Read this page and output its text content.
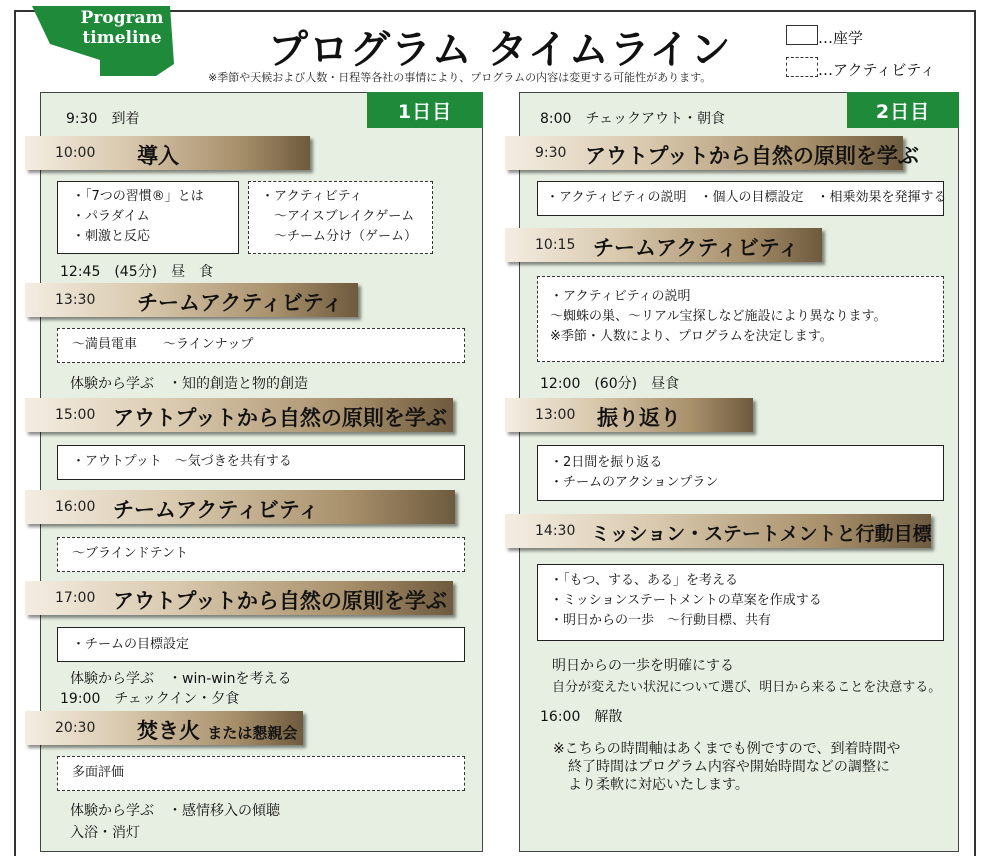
Program
timeline	プログラム タイムライン
※季節や天候および人数・日程等各社の事情により、プログラムの内容は変更する可能性があります。
…座学
…アクティビティ
1日目
9:30　到着
10:00 導入
・「7つの習慣®」とは
・パラダイム
・刺激と反応
・アクティビティ
　〜アイスブレイクゲーム
　〜チーム分け（ゲーム）
12:45　(45分)　昼　食
13:30 チームアクティビティ
〜満員電車　　〜ラインナップ
体験から学ぶ　・知的創造と物的創造
15:00 アウトプットから自然の原則を学ぶ
・アウトプット　〜気づきを共有する
16:00 チームアクティビティ
〜ブラインドテント
17:00 アウトプットから自然の原則を学ぶ
・チームの目標設定
体験から学ぶ　・win-winを考える
19:00　チェックイン・夕食
20:30 焚き火 または懇親会
多面評価
体験から学ぶ　・感情移入の傾聴
入浴・消灯
2日目
8:00　チェックアウト・朝食
9:30 アウトプットから自然の原則を学ぶ
・アクティビティの説明　・個人の目標設定　・相乗効果を発揮する
10:15 チームアクティビティ
・アクティビティの説明
〜蜘蛛の巣、〜リアル宝探しなど施設により異なります。
※季節・人数により、プログラムを決定します。
12:00　(60分)　昼食
13:00 振り返り
・2日間を振り返る
・チームのアクションプラン
14:30 ミッション・ステートメントと行動目標
・「もつ、する、ある」を考える
・ミッションステートメントの草案を作成する
・明日からの一歩　〜行動目標、共有
明日からの一歩を明確にする
自分が変えたい状況について選び、明日から来ることを決意する。
16:00　解散
※こちらの時間軸はあくまでも例ですので、到着時間や
終了時間はプログラム内容や開始時間などの調整に
より柔軟に対応いたします。
